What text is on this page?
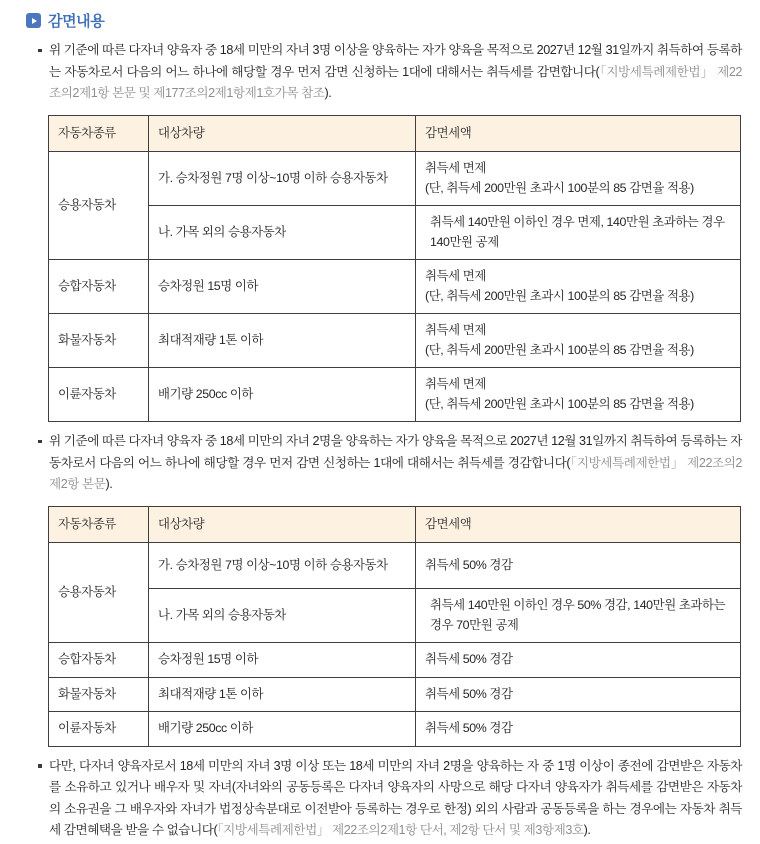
감면내용

위 기준에 따른 다자녀 양육자 중 18세 미만의 자녀 3명 이상을 양육하는 자가 양육을 목적으로 2027년 12월 31일까지 취득하여 등록하는 자동차로서 다음의 어느 하나에 해당할 경우 먼저 감면 신청하는 1대에 대해서는 취득세를 감면합니다(「지방세특례제한법」 제22조의2제1항 본문 및 제177조의2제1항제1호가목 참조).

자동차종류	대상차량	감면세액
승용자동차	가. 승차정원 7명 이상~10명 이하 승용자동차	취득세 면제
(단, 취득세 200만원 초과시 100분의 85 감면율 적용)
	나. 가목 외의 승용자동차	취득세 140만원 이하인 경우 면제, 140만원 초과하는 경우 140만원 공제
승합자동차	승차정원 15명 이하	취득세 면제
(단, 취득세 200만원 초과시 100분의 85 감면율 적용)
화물자동차	최대적재량 1톤 이하	취득세 면제
(단, 취득세 200만원 초과시 100분의 85 감면율 적용)
이륜자동차	배기량 250cc 이하	취득세 면제
(단, 취득세 200만원 초과시 100분의 85 감면율 적용)

위 기준에 따른 다자녀 양육자 중 18세 미만의 자녀 2명을 양육하는 자가 양육을 목적으로 2027년 12월 31일까지 취득하여 등록하는 자동차로서 다음의 어느 하나에 해당할 경우 먼저 감면 신청하는 1대에 대해서는 취득세를 경감합니다(「지방세특례제한법」 제22조의2제2항 본문).

자동차종류	대상차량	감면세액
승용자동차	가. 승차정원 7명 이상~10명 이하 승용자동차	취득세 50% 경감
	나. 가목 외의 승용자동차	취득세 140만원 이하인 경우 50% 경감, 140만원 초과하는 경우 70만원 공제
승합자동차	승차정원 15명 이하	취득세 50% 경감
화물자동차	최대적재량 1톤 이하	취득세 50% 경감
이륜자동차	배기량 250cc 이하	취득세 50% 경감

다만, 다자녀 양육자로서 18세 미만의 자녀 3명 이상 또는 18세 미만의 자녀 2명을 양육하는 자 중 1명 이상이 종전에 감면받은 자동차를 소유하고 있거나 배우자 및 자녀(자녀와의 공동등록은 다자녀 양육자의 사망으로 해당 다자녀 양육자가 취득세를 감면받은 자동차의 소유권을 그 배우자와 자녀가 법정상속분대로 이전받아 등록하는 경우로 한정) 외의 사람과 공동등록을 하는 경우에는 자동차 취득세 감면혜택을 받을 수 없습니다(「지방세특례제한법」 제22조의2제1항 단서, 제2항 단서 및 제3항제3호).
